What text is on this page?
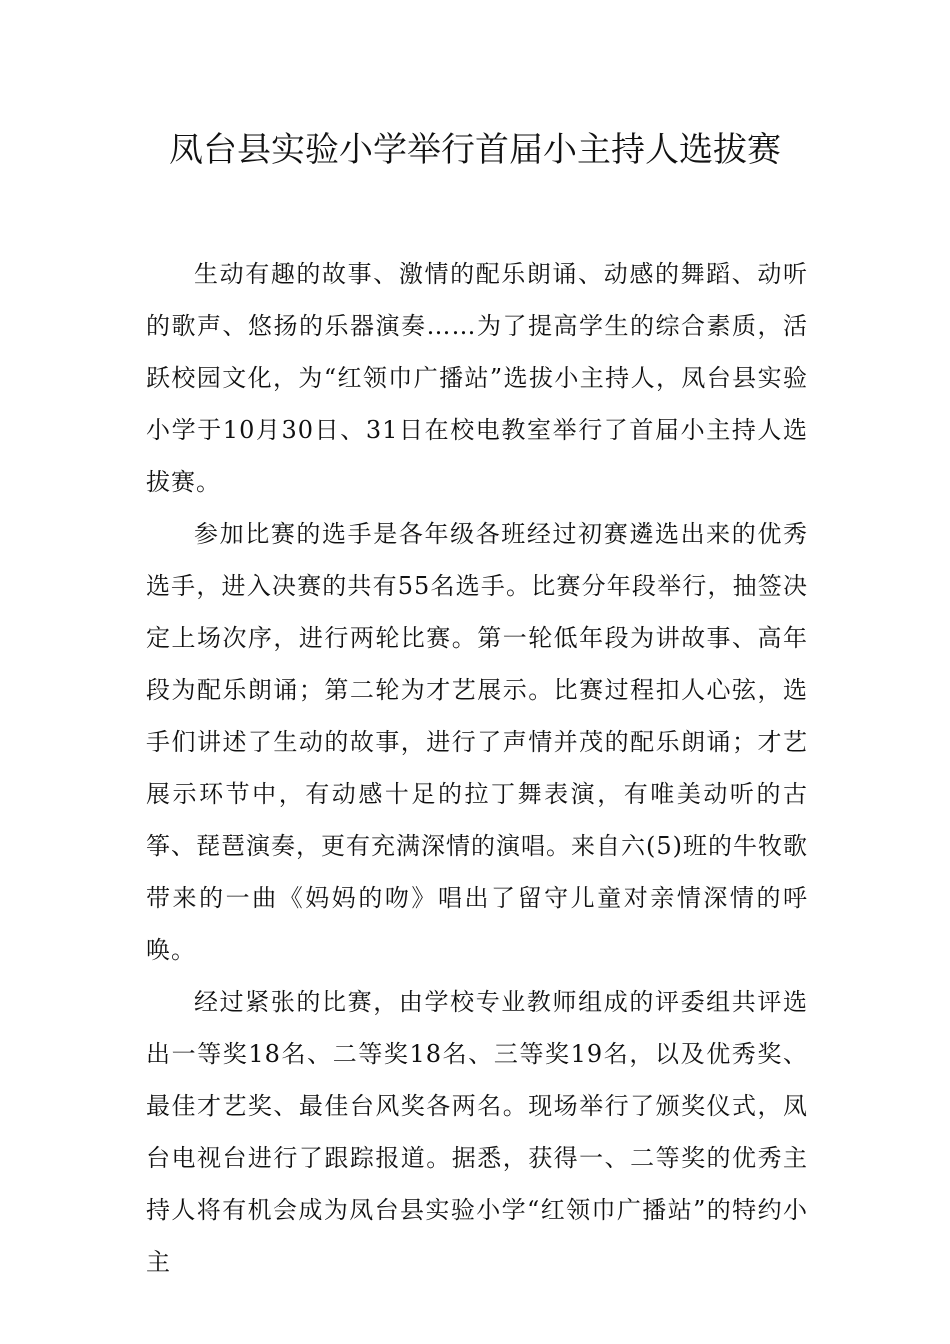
凤台县实验小学举行首届小主持人选拔赛

生动有趣的故事、激情的配乐朗诵、动感的舞蹈、动听的歌声、悠扬的乐器演奏……为了提高学生的综合素质，活跃校园文化，为“红领巾广播站”选拔小主持人，凤台县实验小学于10月30日、31日在校电教室举行了首届小主持人选拔赛。

参加比赛的选手是各年级各班经过初赛遴选出来的优秀选手，进入决赛的共有55名选手。比赛分年段举行，抽签决定上场次序，进行两轮比赛。第一轮低年段为讲故事、高年段为配乐朗诵；第二轮为才艺展示。比赛过程扣人心弦，选手们讲述了生动的故事，进行了声情并茂的配乐朗诵；才艺展示环节中，有动感十足的拉丁舞表演，有唯美动听的古筝、琵琶演奏，更有充满深情的演唱。来自六(5)班的牛牧歌带来的一曲《妈妈的吻》唱出了留守儿童对亲情深情的呼唤。

经过紧张的比赛，由学校专业教师组成的评委组共评选出一等奖18名、二等奖18名、三等奖19名，以及优秀奖、最佳才艺奖、最佳台风奖各两名。现场举行了颁奖仪式，凤台电视台进行了跟踪报道。据悉，获得一、二等奖的优秀主持人将有机会成为凤台县实验小学“红领巾广播站”的特约小主
